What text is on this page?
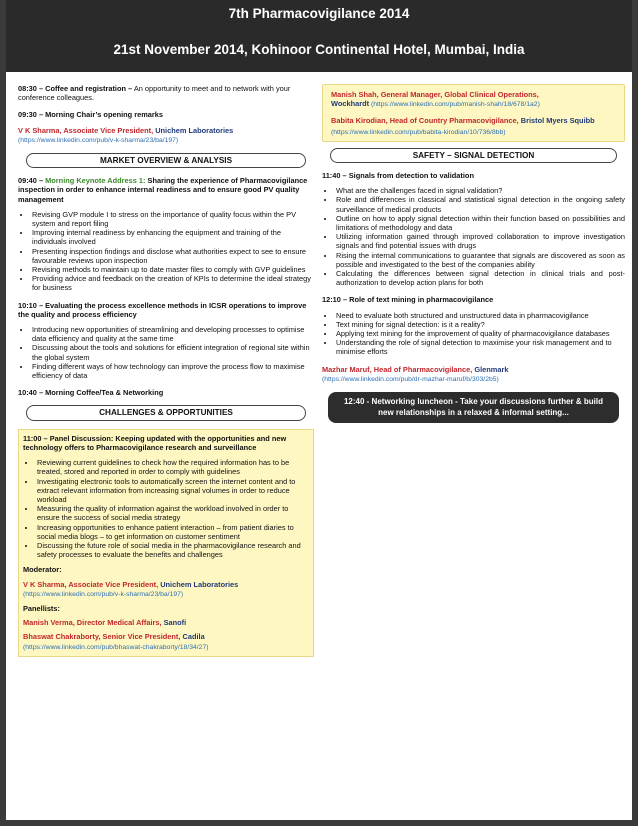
7th Pharmacovigilance 2014
21st November 2014, Kohinoor Continental Hotel, Mumbai, India

08:30 – Coffee and registration – An opportunity to meet and to network with your conference colleagues.

09:30 – Morning Chair’s opening remarks

V K Sharma, Associate Vice President, Unichem Laboratories
(https://www.linkedin.com/pub/v-k-sharma/23/ba/197)

MARKET OVERVIEW & ANALYSIS

09:40 – Morning Keynote Address 1: Sharing the experience of Pharmacovigilance inspection in order to enhance internal readiness and to ensure good PV quality management

• Revising GVP module I to stress on the importance of quality focus within the PV system and report filing
• Improving internal readiness by enhancing the equipment and training of the individuals involved
• Presenting inspection findings and disclose what authorities expect to see to ensure favourable reviews upon inspection
• Revising methods to maintain up to date master files to comply with GVP guidelines
• Providing advice and feedback on the creation of KPIs to determine the ideal strategy for business

10:10 – Evaluating the process excellence methods in ICSR operations to improve the quality and process efficiency

• Introducing new opportunities of streamlining and developing processes to optimise data efficiency and quality at the same time
• Discussing about the tools and solutions for efficient integration of regional site within the global system
• Finding different ways of how technology can improve the process flow to maximise efficiency of data

10:40 – Morning Coffee/Tea & Networking

CHALLENGES & OPPORTUNITIES

11:00 – Panel Discussion: Keeping updated with the opportunities and new technology offers to Pharmacovigilance research and surveillance

• Reviewing current guidelines to check how the required information has to be treated, stored and reported in order to comply with guidelines
• Investigating electronic tools to automatically screen the internet content and to extract relevant information from increasing signal volumes in order to reduce workload
• Measuring the quality of information against the workload involved in order to ensure the success of social media strategy
• Increasing opportunities to enhance patient interaction – from patient diaries to social media blogs – to get information on customer sentiment
• Discussing the future role of social media in the pharmacovigilance research and safety processes to evaluate the benefits and challenges

Moderator:

V K Sharma, Associate Vice President, Unichem Laboratories
(https://www.linkedin.com/pub/v-k-sharma/23/ba/197)

Panellists:

Manish Verma, Director Medical Affairs, Sanofi

Bhaswat Chakraborty, Senior Vice President, Cadila
(https://www.linkedin.com/pub/bhaswat-chakraborty/18/34/27)

Manish Shah, General Manager, Global Clinical Operations,
Wockhardt (https://www.linkedin.com/pub/manish-shah/18/678/1a2)

Babita Kirodian, Head of Country Pharmacovigilance, Bristol Myers Squibb (https://www.linkedin.com/pub/babita-kirodian/10/736/8bb)

SAFETY – SIGNAL DETECTION

11:40 – Signals from detection to validation

• What are the challenges faced in signal validation?
• Role and differences in classical and statistical signal detection in the ongoing safety surveillance of medical products
• Outline on how to apply signal detection within their function based on possibilities and limitations of methodology and data
• Utilizing information gained through improved collaboration to improve investigation signals and find potential issues with drugs
• Rising the internal communications to guarantee that signals are discovered as soon as possible and investigated to the best of the companies ability
• Calculating the differences between signal detection in clinical trials and post-authorization to develop action plans for both

12:10 – Role of text mining in pharmacovigilance

• Need to evaluate both structured and unstructured data in pharmacovigilance
• Text mining for signal detection: is it a reality?
• Applying text mining for the improvement of quality of pharmacovigilance databases
• Understanding the role of signal detection to maximise your risk management and to minimise efforts

Mazhar Maruf, Head of Pharmacovigilance, Glenmark
(https://www.linkedin.com/pub/dr-mazhar-maruf/b/303/2b5)

12:40 - Networking luncheon - Take your discussions further & build new relationships in a relaxed & informal setting...
